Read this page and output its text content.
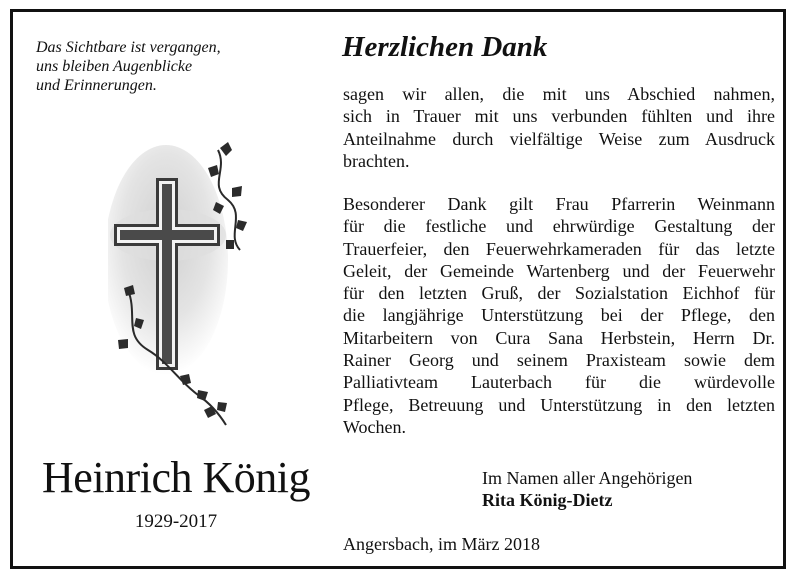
Das Sichtbare ist vergangen,
uns bleiben Augenblicke
und Erinnerungen.
Heinrich König
1929-2017
Herzlichen Dank
sagen wir allen, die mit uns Abschied nahmen,
sich in Trauer mit uns verbunden fühlten und ihre
Anteilnahme durch vielfältige Weise zum Ausdruck
brachten.
Besonderer Dank gilt Frau Pfarrerin Weinmann
für die festliche und ehrwürdige Gestaltung der
Trauerfeier, den Feuerwehrkameraden für das letzte
Geleit, der Gemeinde Wartenberg und der Feuerwehr
für den letzten Gruß, der Sozialstation Eichhof für
die langjährige Unterstützung bei der Pflege, den
Mitarbeitern von Cura Sana Herbstein, Herrn Dr.
Rainer Georg und seinem Praxisteam sowie dem
Palliativteam Lauterbach für die würdevolle
Pflege, Betreuung und Unterstützung in den letzten
Wochen.
Im Namen aller Angehörigen
Rita König-Dietz
Angersbach, im März 2018
